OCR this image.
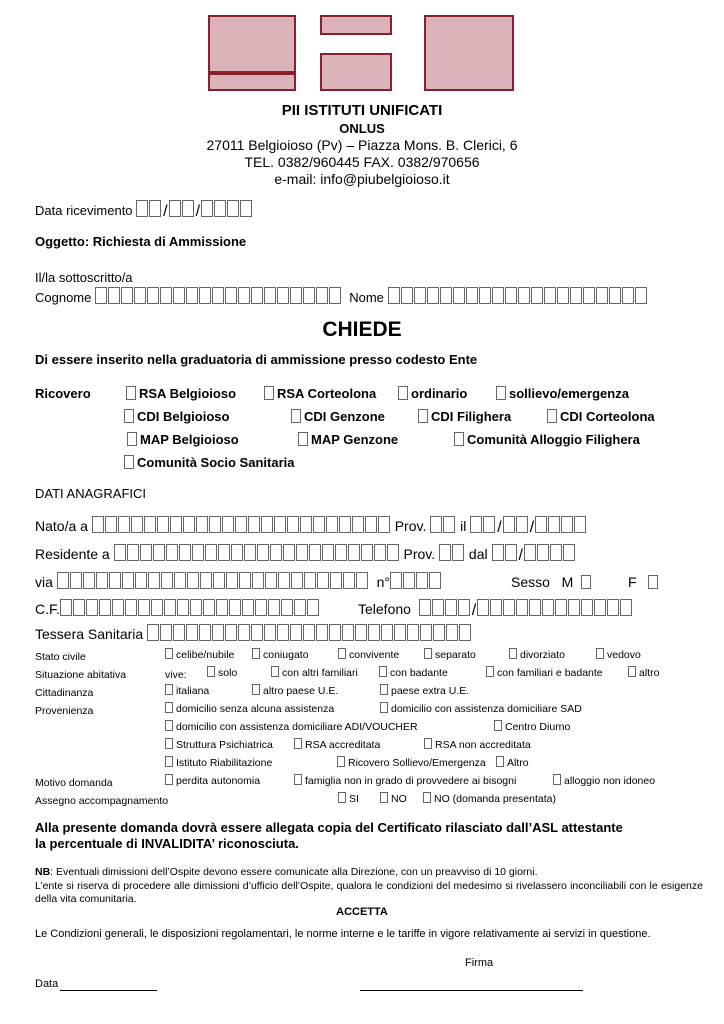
PII ISTITUTI UNIFICATI
ONLUS
27011 Belgioioso (Pv) – Piazza Mons. B. Clerici, 6
TEL. 0382/960445 FAX. 0382/970656
e-mail: info@piubelgioioso.it
Data ricevimento / /
Oggetto: Richiesta di Ammissione
Il/la sottoscritto/a
Cognome	Nome
CHIEDE
Di essere inserito nella graduatoria di ammissione presso codesto Ente
Ricovero	RSA Belgioioso	RSA Corteolona	ordinario	sollievo/emergenza
CDI Belgioioso	CDI Genzone	CDI Filighera	CDI Corteolona
MAP Belgioioso	MAP Genzone	Comunità Alloggio Filighera
Comunità Socio Sanitaria
DATI ANAGRAFICI
Nato/a a	Prov. il / /
Residente a	Prov. dal /
via	n°	Sesso M	F
C.F.	Telefono	/
Tessera Sanitaria
Stato civile	celibe/nubile	coniugato	convivente	separato	divorziato	vedovo
Situazione abitativa	vive:	solo	con altri familiari	con badante	con familiari e badante	altro
Cittadinanza	italiana	altro paese U.E.	paese extra U.E.
Provenienza	domicilio senza alcuna assistenza	domicilio con assistenza domiciliare SAD
domicilio con assistenza domiciliare ADI/VOUCHER	Centro Diurno
Struttura Psichiatrica	RSA accreditata	RSA non accreditata
Istituto Riabilitazione	Ricovero Sollievo/Emergenza	Altro
Motivo domanda	perdita autonomia	famiglia non in grado di provvedere ai bisogni	alloggio non idoneo
Assegno accompagnamento	SI	NO	NO (domanda presentata)
Alla presente domanda dovrà essere allegata copia del Certificato rilasciato dall’ASL attestante
la percentuale di INVALIDITA’ riconosciuta.
NB: Eventuali dimissioni dell’Ospite devono essere comunicate alla Direzione, con un preavviso di 10 giorni.
L’ente si riserva di procedere alle dimissioni d’ufficio dell’Ospite, qualora le condizioni del medesimo si rivelassero inconciliabili con le esigenze della vita comunitaria.
ACCETTA
Le Condizioni generali, le disposizioni regolamentari, le norme interne e le tariffe in vigore relativamente ai servizi in questione.
Firma
Data
